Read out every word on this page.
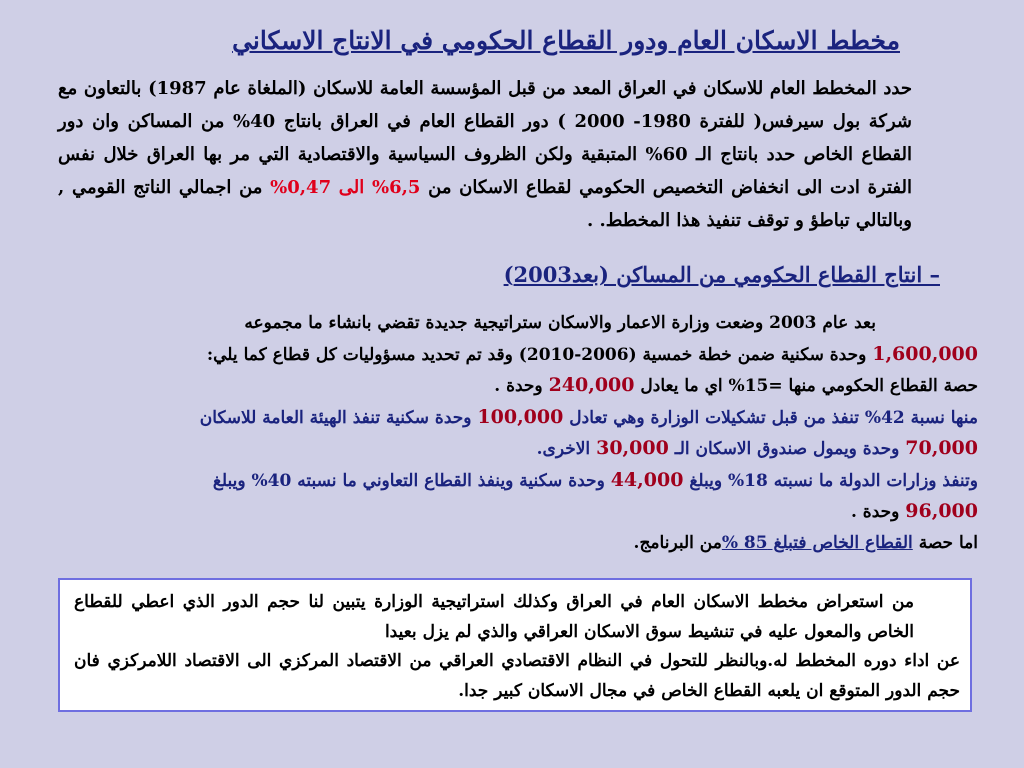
مخطط الاسكان العام ودور القطاع الحكومي في الانتاج الاسكاني
حدد المخطط العام للاسكان في العراق المعد من قبل المؤسسة العامة للاسكان (الملغاة عام 1987) بالتعاون مع شركة بول سيرفس( للفترة 1980- 2000 ) دور القطاع العام في العراق بانتاج 40% من المساكن وان دور القطاع الخاص حدد بانتاج الـ 60% المتبقية ولكن الظروف السياسية والاقتصادية التي مر بها العراق خلال نفس الفترة ادت الى انخفاض التخصيص الحكومي لقطاع الاسكان من 6,5% الى 0,47% من اجمالي الناتج القومي , وبالتالي تباطؤ و توقف تنفيذ هذا المخطط. .
– انتاج القطاع الحكومي من المساكن (بعد2003)
بعد عام 2003 وضعت وزارة الاعمار والاسكان ستراتيجية جديدة تقضي بانشاء ما مجموعه
1,600,000 وحدة سكنية ضمن خطة خمسية (2006-2010) وقد تم تحديد مسؤوليات كل قطاع كما يلي:
حصة القطاع الحكومي منها =15% اي ما يعادل 240,000 وحدة .
منها نسبة 42% تنفذ من قبل تشكيلات الوزارة وهي تعادل 100,000 وحدة سكنية تنفذ الهيئة العامة للاسكان
70,000 وحدة ويمول صندوق الاسكان الـ 30,000 الاخرى.
وتنفذ وزارات الدولة ما نسبته 18% ويبلغ 44,000 وحدة سكنية وينفذ القطاع التعاوني ما نسبته 40% ويبلغ
96,000 وحدة .
اما حصة القطاع الخاص فتبلغ 85 %من البرنامج.
من استعراض مخطط الاسكان العام في العراق وكذلك استراتيجية الوزارة يتبين لنا حجم الدور الذي اعطي للقطاع الخاص والمعول عليه في تنشيط سوق الاسكان العراقي والذي لم يزل بعيدا
عن اداء دوره المخطط له.وبالنظر للتحول في النظام الاقتصادي العراقي من الاقتصاد المركزي الى الاقتصاد اللامركزي فان حجم الدور المتوقع ان يلعبه القطاع الخاص في مجال الاسكان كبير جدا.
